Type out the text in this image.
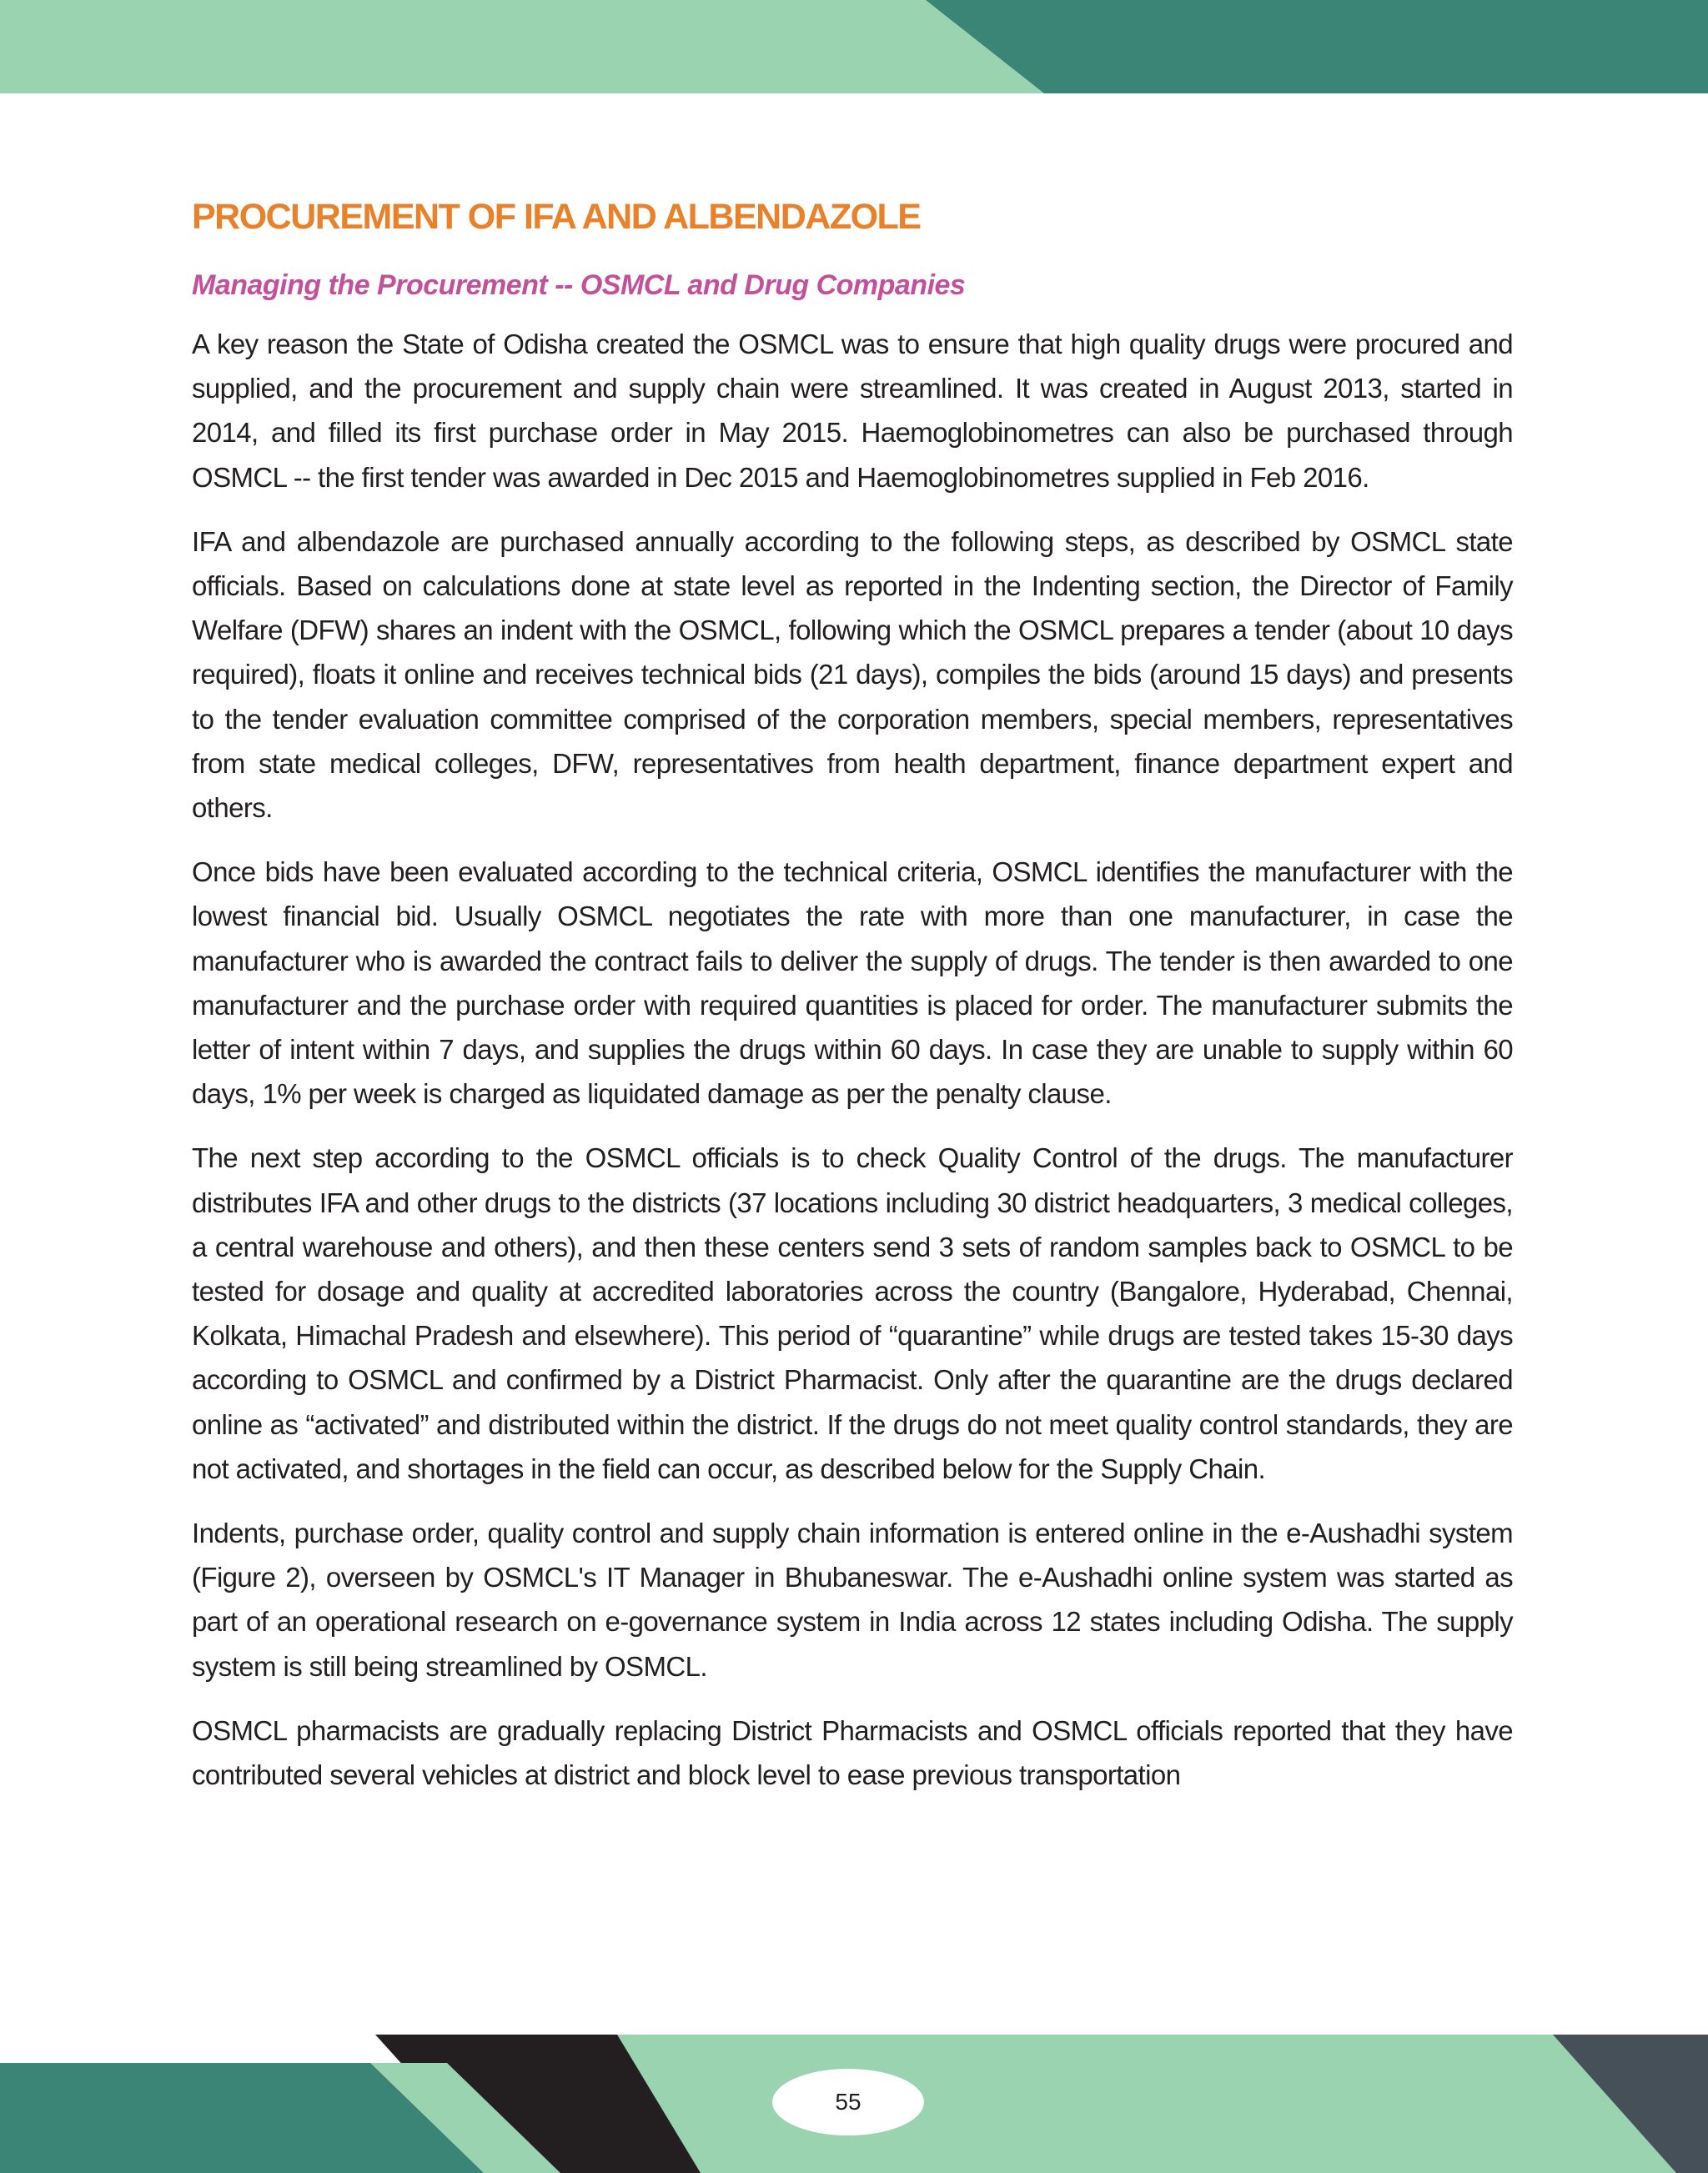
PROCUREMENT OF IFA AND ALBENDAZOLE
Managing the Procurement -- OSMCL and Drug Companies

A key reason the State of Odisha created the OSMCL was to ensure that high quality drugs were procured and supplied, and the procurement and supply chain were streamlined. It was created in August 2013, started in 2014, and filled its first purchase order in May 2015. Haemoglobinometres can also be purchased through OSMCL -- the first tender was awarded in Dec 2015 and Haemoglobinometres supplied in Feb 2016.

IFA and albendazole are purchased annually according to the following steps, as described by OSMCL state officials. Based on calculations done at state level as reported in the Indenting section, the Director of Family Welfare (DFW) shares an indent with the OSMCL, following which the OSMCL prepares a tender (about 10 days required), floats it online and receives technical bids (21 days), compiles the bids (around 15 days) and presents to the tender evaluation committee comprised of the corporation members, special members, representatives from state medical colleges, DFW, representatives from health department, finance department expert and others.

Once bids have been evaluated according to the technical criteria, OSMCL identifies the manufacturer with the lowest financial bid. Usually OSMCL negotiates the rate with more than one manufacturer, in case the manufacturer who is awarded the contract fails to deliver the supply of drugs. The tender is then awarded to one manufacturer and the purchase order with required quantities is placed for order. The manufacturer submits the letter of intent within 7 days, and supplies the drugs within 60 days. In case they are unable to supply within 60 days, 1% per week is charged as liquidated damage as per the penalty clause.

The next step according to the OSMCL officials is to check Quality Control of the drugs. The manufacturer distributes IFA and other drugs to the districts (37 locations including 30 district headquarters, 3 medical colleges, a central warehouse and others), and then these centers send 3 sets of random samples back to OSMCL to be tested for dosage and quality at accredited laboratories across the country (Bangalore, Hyderabad, Chennai, Kolkata, Himachal Pradesh and elsewhere). This period of “quarantine” while drugs are tested takes 15-30 days according to OSMCL and confirmed by a District Pharmacist. Only after the quarantine are the drugs declared online as “activated” and distributed within the district. If the drugs do not meet quality control standards, they are not activated, and shortages in the field can occur, as described below for the Supply Chain.

Indents, purchase order, quality control and supply chain information is entered online in the e-Aushadhi system (Figure 2), overseen by OSMCL's IT Manager in Bhubaneswar. The e-Aushadhi online system was started as part of an operational research on e-governance system in India across 12 states including Odisha. The supply system is still being streamlined by OSMCL.

OSMCL pharmacists are gradually replacing District Pharmacists and OSMCL officials reported that they have contributed several vehicles at district and block level to ease previous transportation

55
